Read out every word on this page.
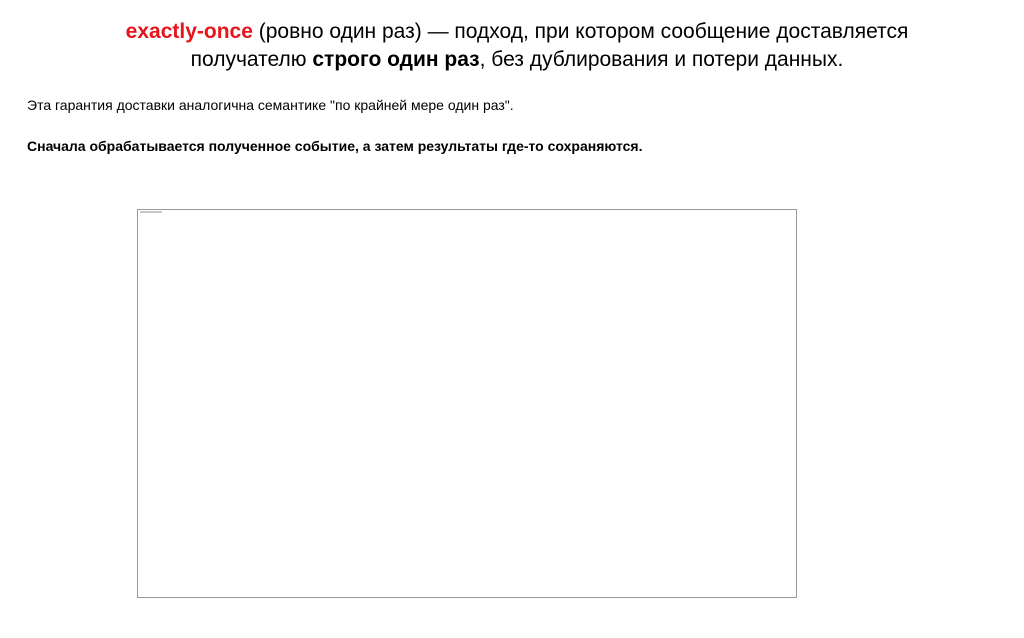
exactly-once (ровно один раз) — подход, при котором сообщение доставляется
получателю строго один раз, без дублирования и потери данных.
Эта гарантия доставки аналогична семантике "по крайней мере один раз".
Сначала обрабатывается полученное событие, а затем результаты где-то сохраняются.
